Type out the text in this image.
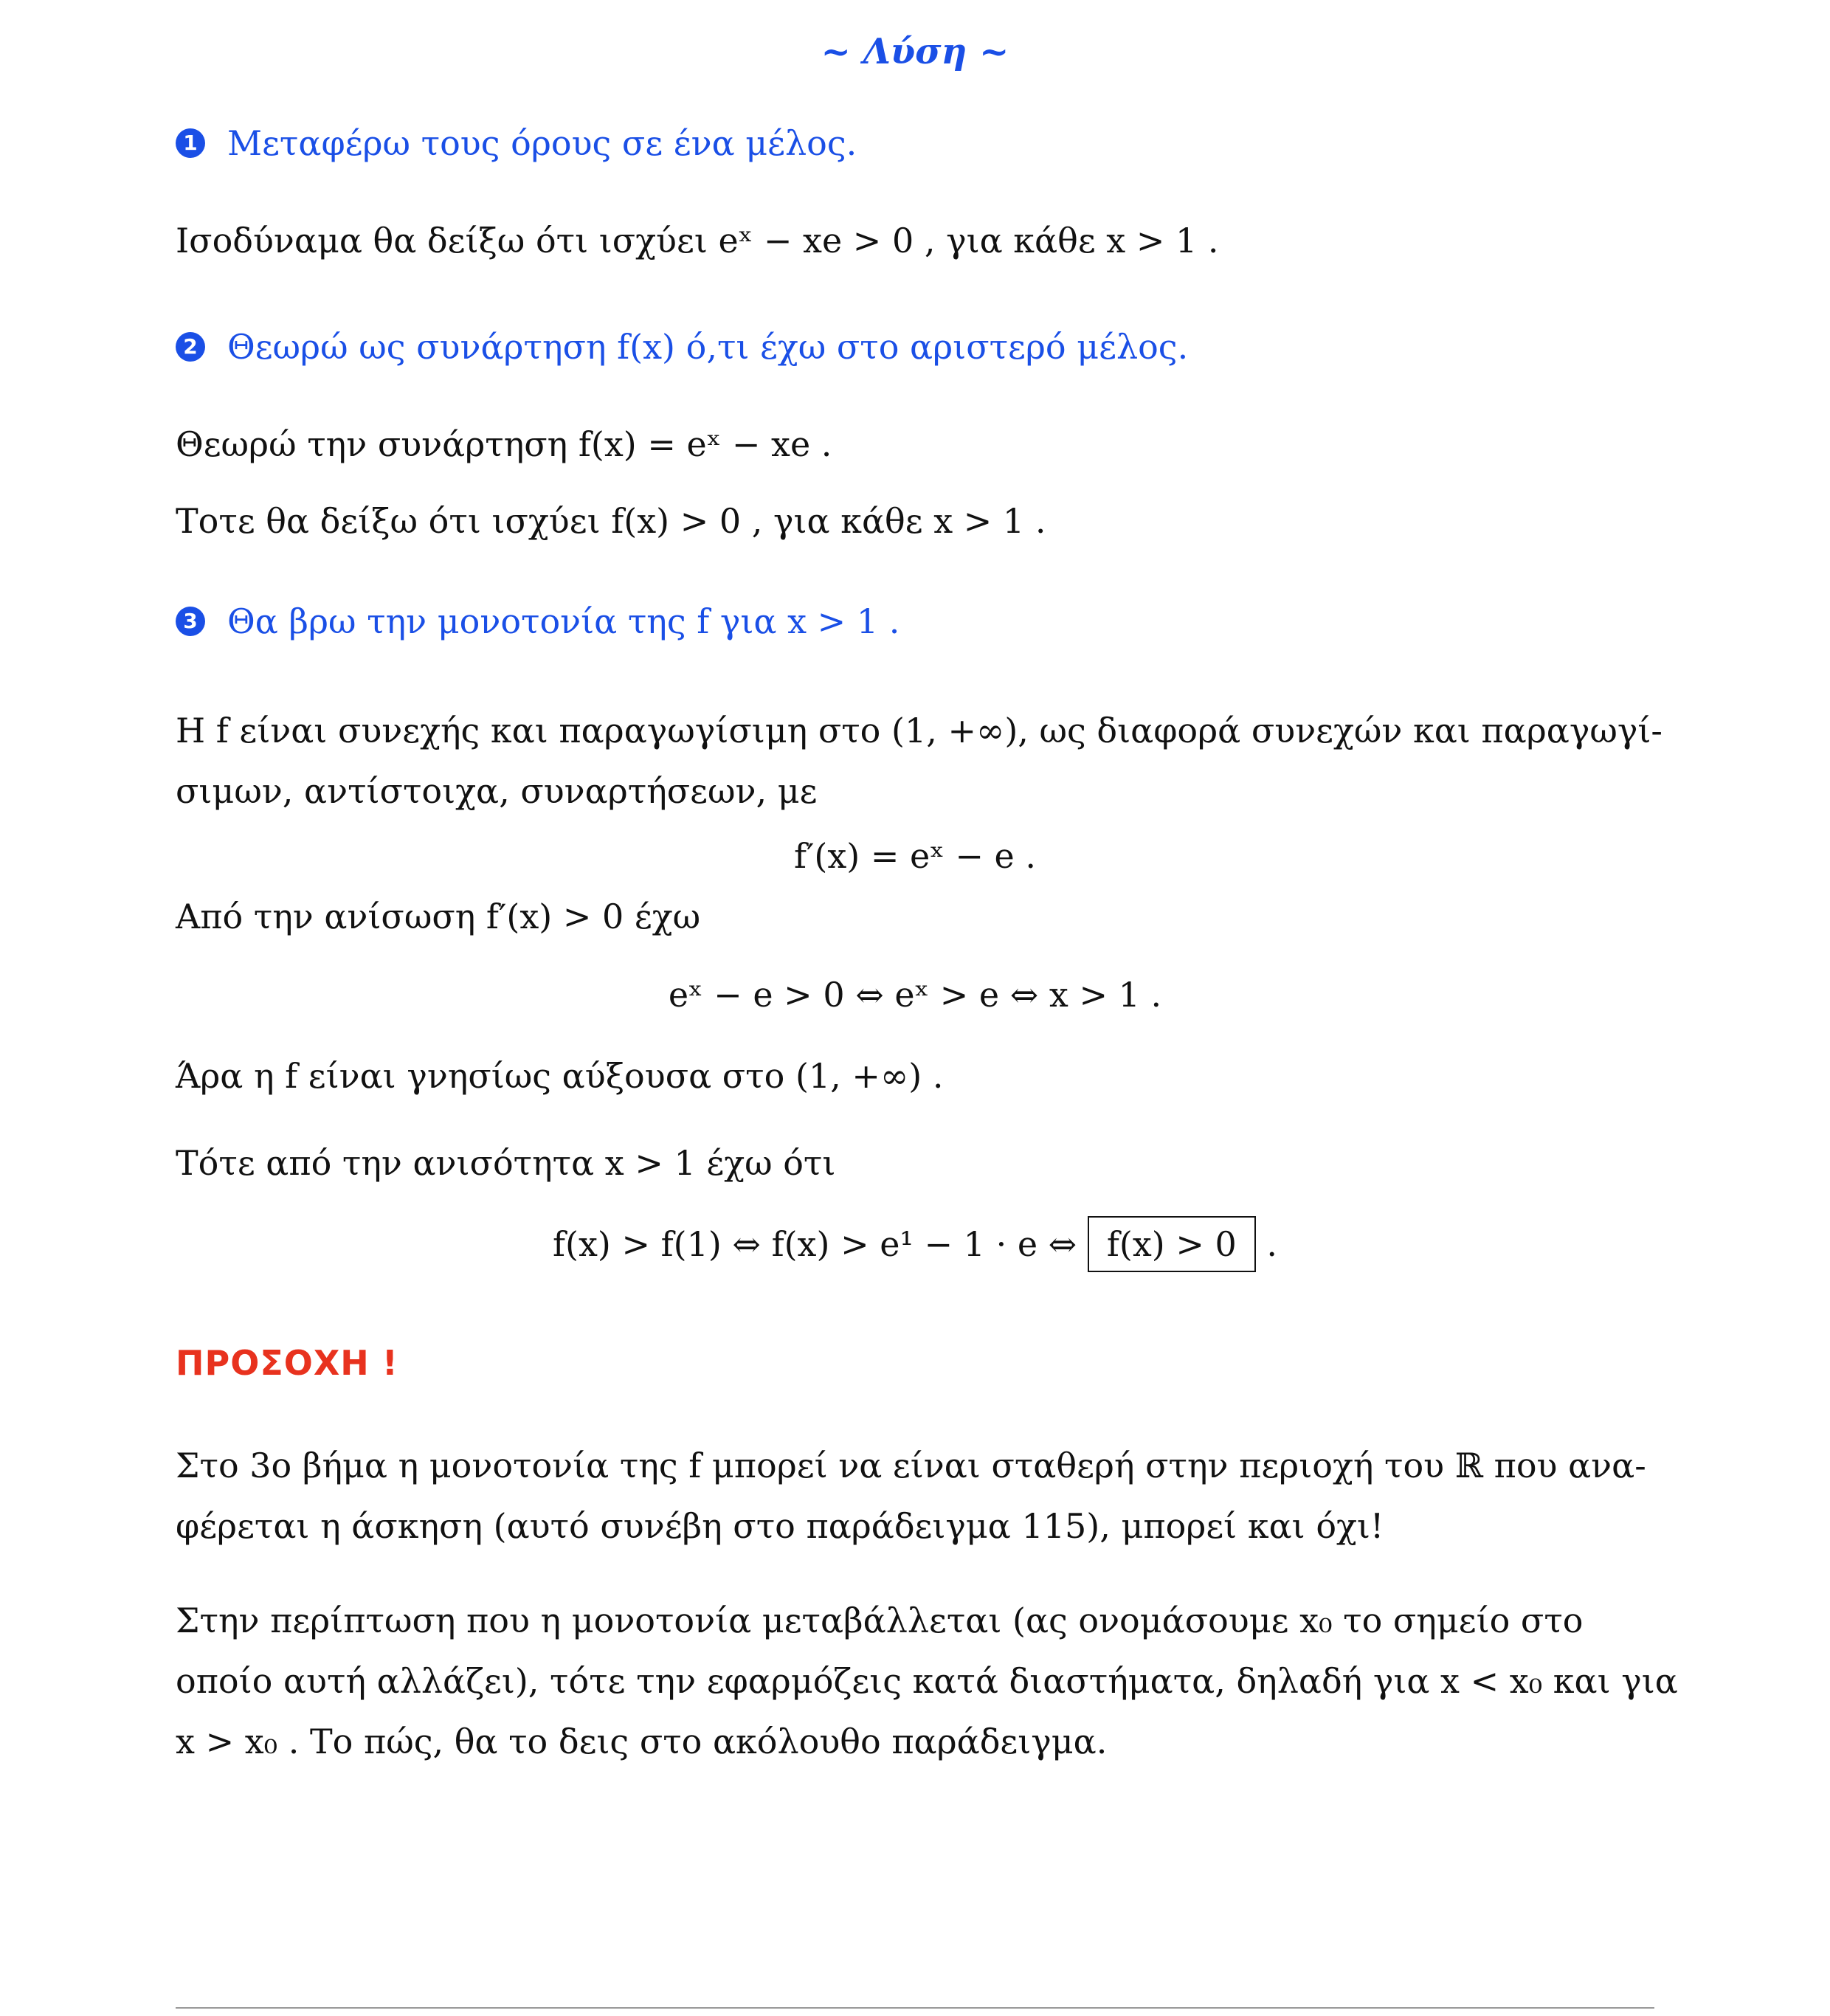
~ Λύση ~
1 Μεταφέρω τους όρους σε ένα μέλος.
Ισοδύναμα θα δείξω ότι ισχύει eˣ − xe > 0 , για κάθε x > 1 .
2 Θεωρώ ως συνάρτηση f(x) ό,τι έχω στο αριστερό μέλος.
Θεωρώ την συνάρτηση f(x) = eˣ − xe .
Τοτε θα δείξω ότι ισχύει f(x) > 0 , για κάθε x > 1 .
3 Θα βρω την μονοτονία της f για x > 1 .
Η f είναι συνεχής και παραγωγίσιμη στο (1, +∞), ως διαφορά συνεχών και παραγωγί-
σιμων, αντίστοιχα, συναρτήσεων, με
f′(x) = eˣ − e .
Από την ανίσωση f′(x) > 0 έχω
eˣ − e > 0 ⇔ eˣ > e ⇔ x > 1 .
Άρα η f είναι γνησίως αύξουσα στο (1, +∞) .
Τότε από την ανισότητα x > 1 έχω ότι
f(x) > f(1) ⇔ f(x) > e¹ − 1 · e ⇔ f(x) > 0 .
ΠΡΟΣΟΧΗ !
Στο 3ο βήμα η μονοτονία της f μπορεί να είναι σταθερή στην περιοχή του ℝ που ανα-
φέρεται η άσκηση (αυτό συνέβη στο παράδειγμα 115), μπορεί και όχι!
Στην περίπτωση που η μονοτονία μεταβάλλεται (ας ονομάσουμε x₀ το σημείο στο
οποίο αυτή αλλάζει), τότε την εφαρμόζεις κατά διαστήματα, δηλαδή για x < x₀ και για
x > x₀ . Το πώς, θα το δεις στο ακόλουθο παράδειγμα.
